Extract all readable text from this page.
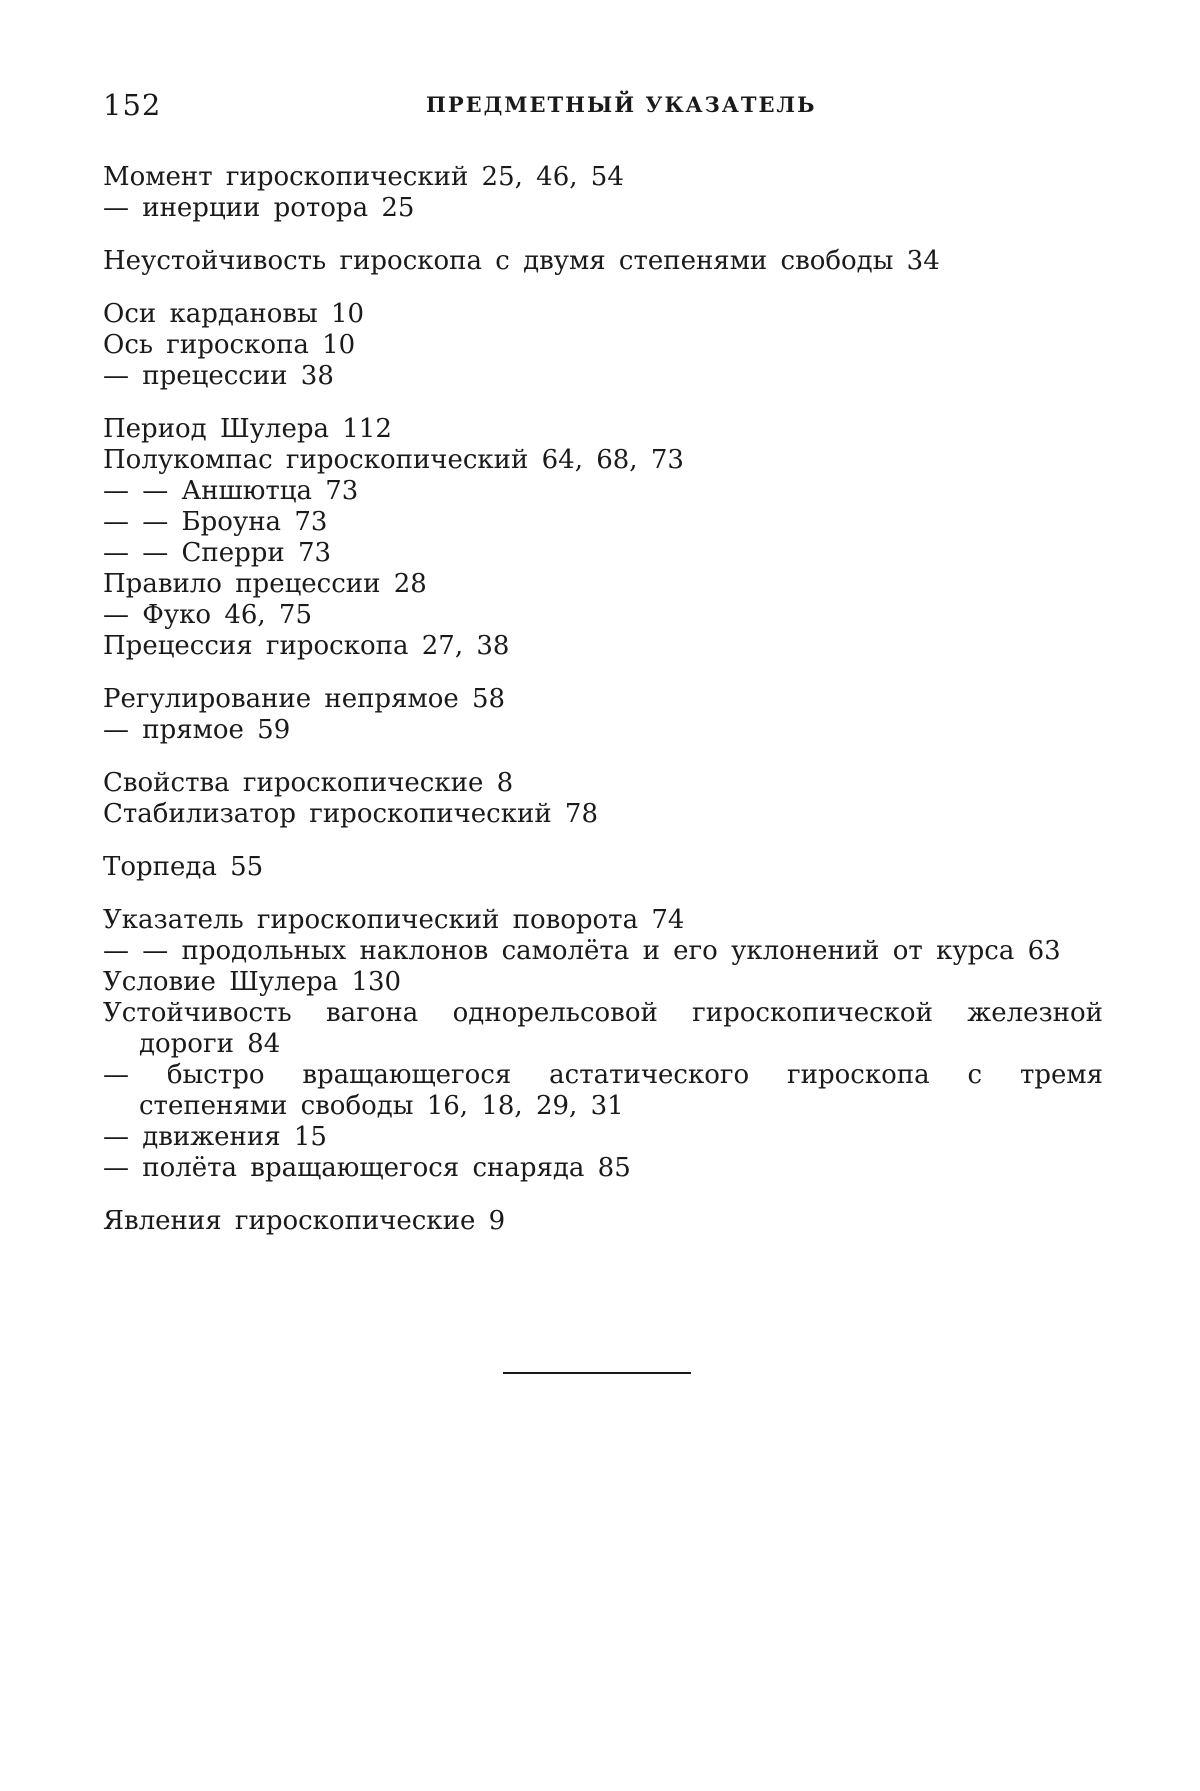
152	ПРЕДМЕТНЫЙ УКАЗАТЕЛЬ
Момент гироскопический 25, 46, 54
— инерции ротора 25
Неустойчивость гироскопа с двумя степенями свободы 34
Оси кардановы 10
Ось гироскопа 10
— прецессии 38
Период Шулера 112
Полукомпас гироскопический 64, 68, 73
— — Аншютца 73
— — Броуна 73
— — Сперри 73
Правило прецессии 28
— Фуко 46, 75
Прецессия гироскопа 27, 38
Регулирование непрямое 58
— прямое 59
Свойства гироскопические 8
Стабилизатор гироскопический 78
Торпеда 55
Указатель гироскопический поворота 74
— — продольных наклонов самолёта и его уклонений от курса 63
Условие Шулера 130
Устойчивость вагона однорельсовой гироскопической железной дороги 84
— быстро вращающегося астатического гироскопа с тремя степенями свободы 16, 18, 29, 31
— движения 15
— полёта вращающегося снаряда 85
Явления гироскопические 9
